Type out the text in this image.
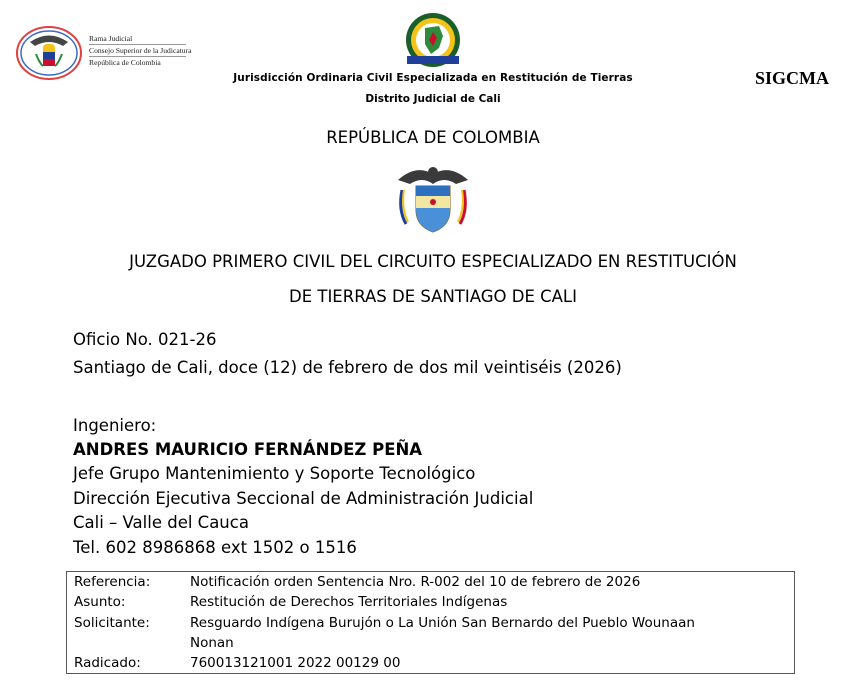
Rama Judicial
Consejo Superior de la Judicatura
República de Colombia
Jurisdicción Ordinaria Civil Especializada en Restitución de Tierras
Distrito Judicial de Cali
SIGCMA
REPÚBLICA DE COLOMBIA
JUZGADO PRIMERO CIVIL DEL CIRCUITO ESPECIALIZADO EN RESTITUCIÓN
DE TIERRAS DE SANTIAGO DE CALI
Oficio No. 021-26
Santiago de Cali, doce (12) de febrero de dos mil veintiséis (2026)
Ingeniero:
ANDRES MAURICIO FERNÁNDEZ PEÑA
Jefe Grupo Mantenimiento y Soporte Tecnológico
Dirección Ejecutiva Seccional de Administración Judicial
Cali – Valle del Cauca
Tel. 602 8986868 ext 1502 o 1516
Referencia:	Notificación orden Sentencia Nro. R-002 del 10 de febrero de 2026
Asunto:	Restitución de Derechos Territoriales Indígenas
Solicitante:	Resguardo Indígena Burujón o La Unión San Bernardo del Pueblo Wounaan
Nonan
Radicado:	760013121001 2022 00129 00
